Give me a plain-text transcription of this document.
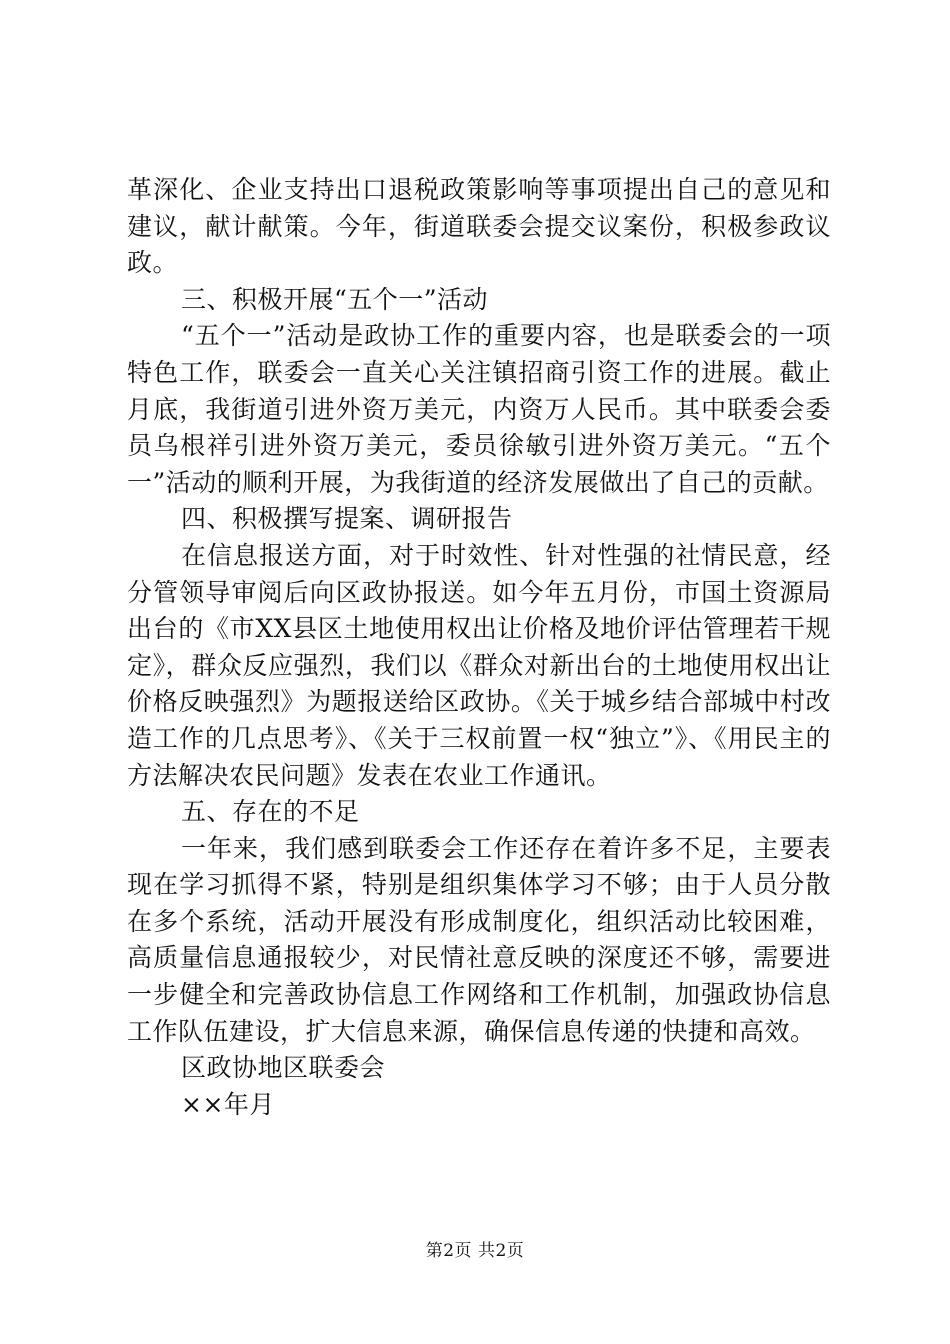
革深化、企业支持出口退税政策影响等事项提出自己的意见和建议，献计献策。今年，街道联委会提交议案份，积极参政议政。

三、积极开展“五个一”活动

“五个一”活动是政协工作的重要内容，也是联委会的一项特色工作，联委会一直关心关注镇招商引资工作的进展。截止月底，我街道引进外资万美元，内资万人民币。其中联委会委员乌根祥引进外资万美元，委员徐敏引进外资万美元。“五个一”活动的顺利开展，为我街道的经济发展做出了自己的贡献。

四、积极撰写提案、调研报告

在信息报送方面，对于时效性、针对性强的社情民意，经分管领导审阅后向区政协报送。如今年五月份，市国土资源局出台的《市XX县区土地使用权出让价格及地价评估管理若干规定》，群众反应强烈，我们以《群众对新出台的土地使用权出让价格反映强烈》为题报送给区政协。《关于城乡结合部城中村改造工作的几点思考》、《关于三权前置一权“独立”》、《用民主的方法解决农民问题》发表在农业工作通讯。

五、存在的不足

一年来，我们感到联委会工作还存在着许多不足，主要表现在学习抓得不紧，特别是组织集体学习不够；由于人员分散在多个系统，活动开展没有形成制度化，组织活动比较困难，高质量信息通报较少，对民情社意反映的深度还不够，需要进一步健全和完善政协信息工作网络和工作机制，加强政协信息工作队伍建设，扩大信息来源，确保信息传递的快捷和高效。

区政协地区联委会

××年月

第2页 共2页
